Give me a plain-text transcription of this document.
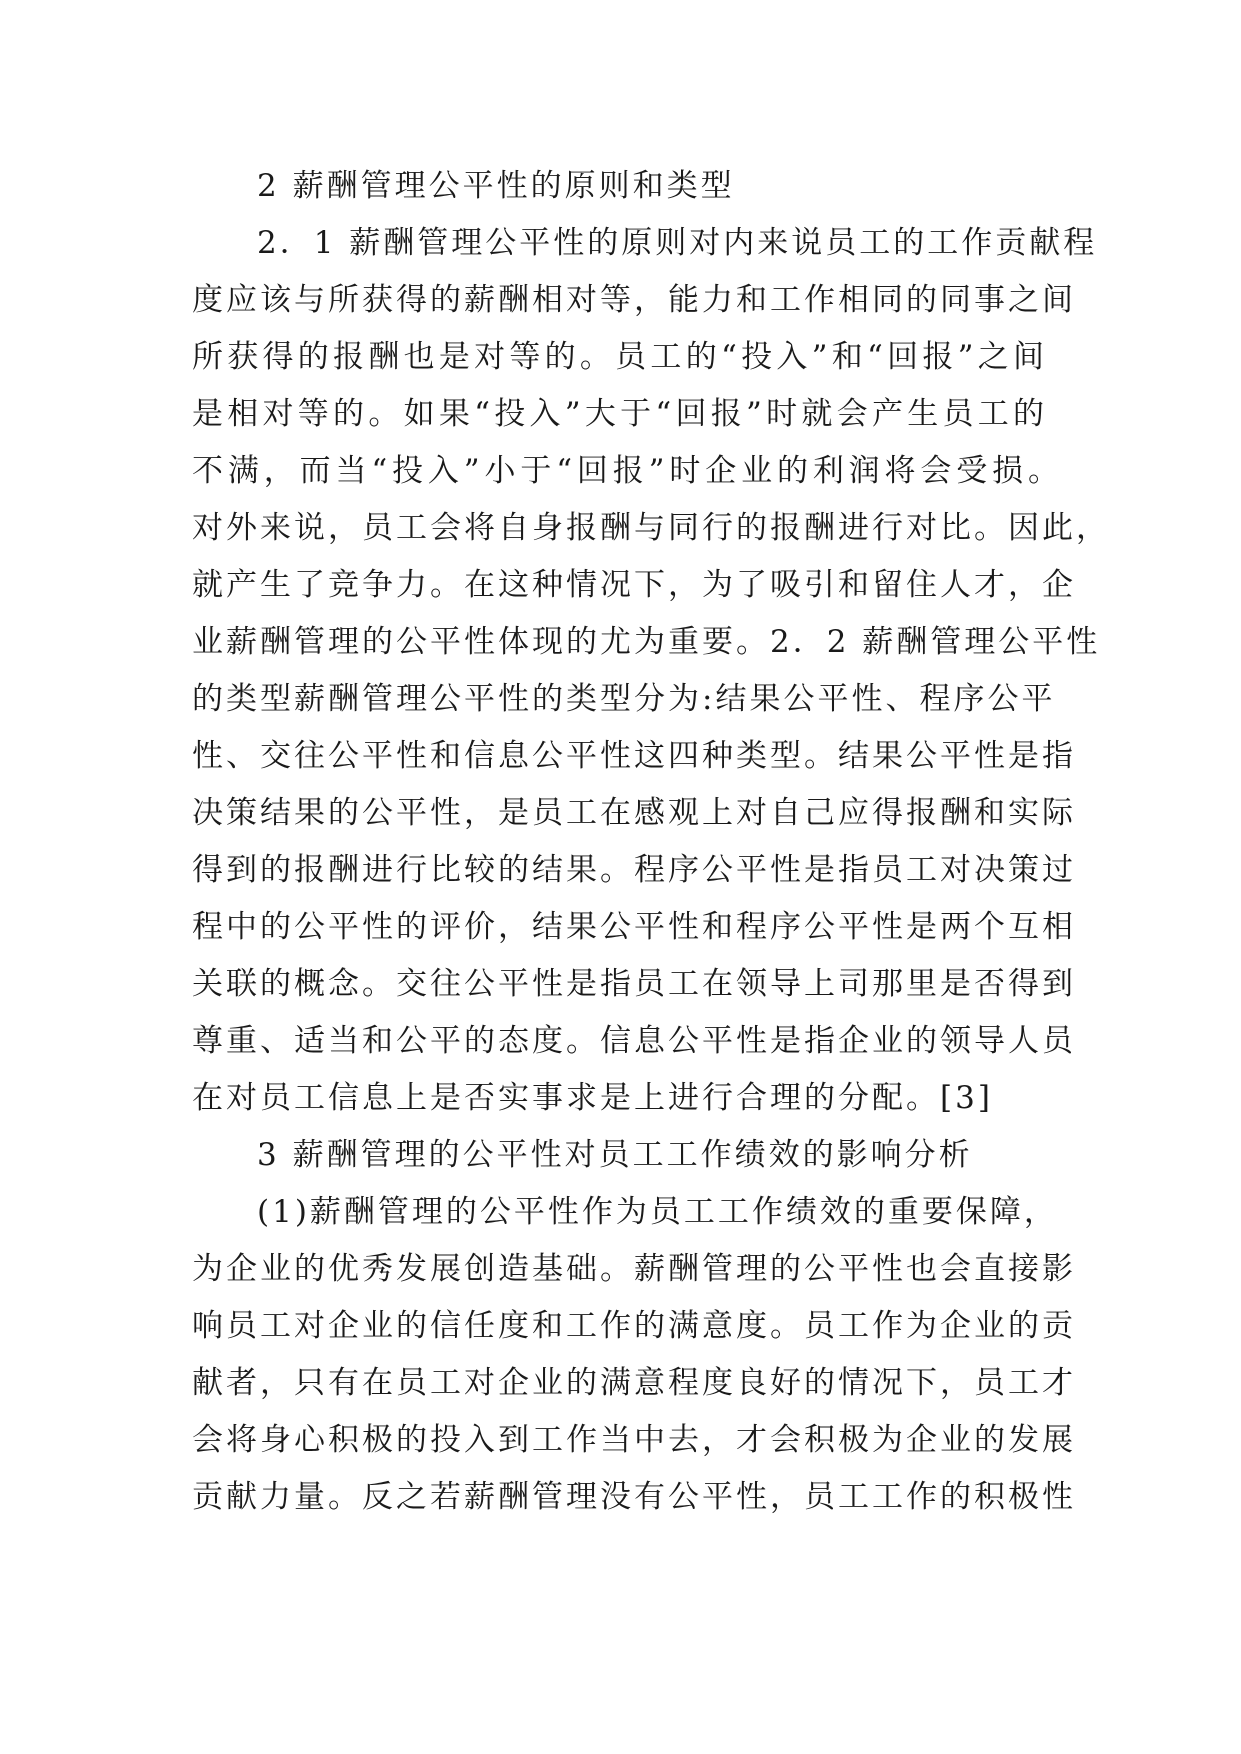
2 薪酬管理公平性的原则和类型
2．1 薪酬管理公平性的原则对内来说员工的工作贡献程
度应该与所获得的薪酬相对等，能力和工作相同的同事之间
所获得的报酬也是对等的。员工的“投入”和“回报”之间
是相对等的。如果“投入”大于“回报”时就会产生员工的
不满，而当“投入”小于“回报”时企业的利润将会受损。
对外来说，员工会将自身报酬与同行的报酬进行对比。因此，
就产生了竞争力。在这种情况下，为了吸引和留住人才，企
业薪酬管理的公平性体现的尤为重要。2．2 薪酬管理公平性
的类型薪酬管理公平性的类型分为:结果公平性、程序公平
性、交往公平性和信息公平性这四种类型。结果公平性是指
决策结果的公平性，是员工在感观上对自己应得报酬和实际
得到的报酬进行比较的结果。程序公平性是指员工对决策过
程中的公平性的评价，结果公平性和程序公平性是两个互相
关联的概念。交往公平性是指员工在领导上司那里是否得到
尊重、适当和公平的态度。信息公平性是指企业的领导人员
在对员工信息上是否实事求是上进行合理的分配。[3]
3 薪酬管理的公平性对员工工作绩效的影响分析
(1)薪酬管理的公平性作为员工工作绩效的重要保障，
为企业的优秀发展创造基础。薪酬管理的公平性也会直接影
响员工对企业的信任度和工作的满意度。员工作为企业的贡
献者，只有在员工对企业的满意程度良好的情况下，员工才
会将身心积极的投入到工作当中去，才会积极为企业的发展
贡献力量。反之若薪酬管理没有公平性，员工工作的积极性
